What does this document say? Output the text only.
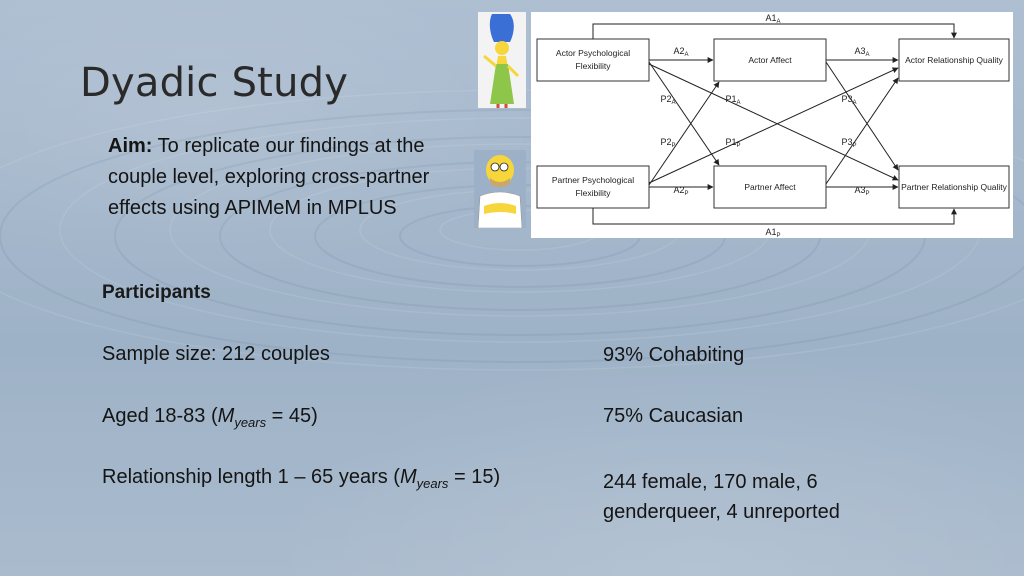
Dyadic Study
Aim: To replicate our findings at the couple level, exploring cross-partner effects using APIMeM in MPLUS
Actor Psychological
Flexibility
Actor Affect	Actor Relationship Quality
Partner Psychological
Flexibility
Partner Affect	Partner Relationship Quality
$A1_A$
$A2_A$	$A3_A$
$P2_A$	$P1_A$	$P3_A$
$P2_P$	$P1_P$	$P3_P$
$A2_P$	$A3_P$
$A1_P$
Participants
Sample size: 212 couples
Aged 18-83 $(M_{years} = 45)$
Relationship length 1 – 65 years $(M_{years} = 15)$
93% Cohabiting
75% Caucasian
244 female, 170 male, 6
genderqueer, 4 unreported
